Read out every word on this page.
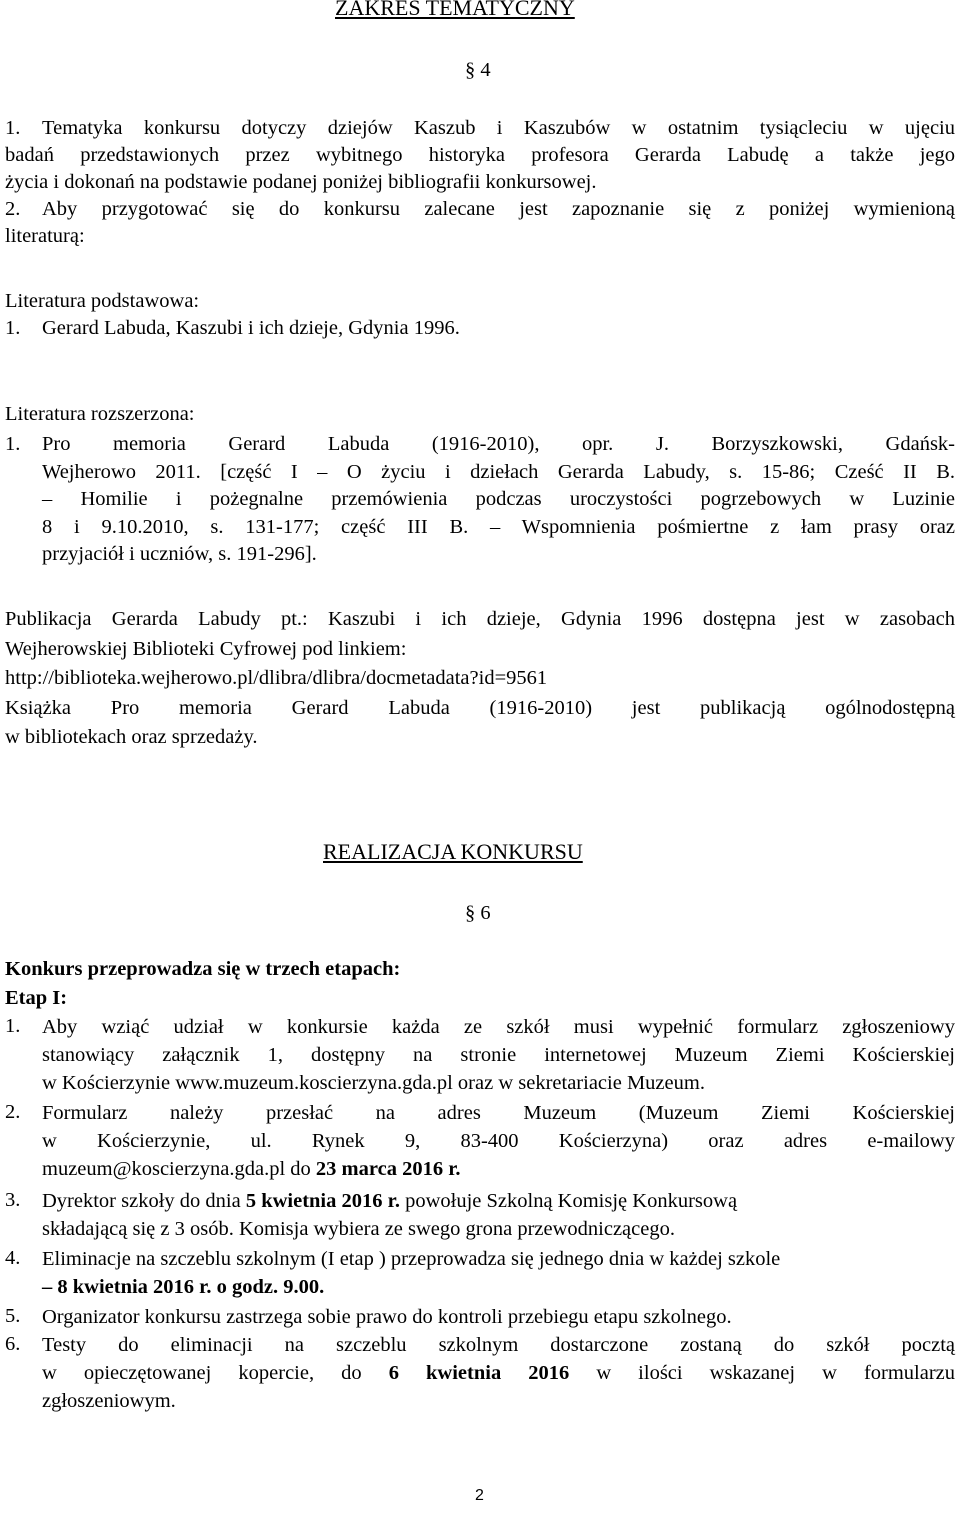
ZAKRES TEMATYCZNY
§ 4
1. Tematyka konkursu dotyczy dziejów Kaszub i Kaszubów w ostatnim tysiącleciu w ujęciu
badań przedstawionych przez wybitnego historyka profesora Gerarda Labudę a także jego
życia i dokonań na podstawie podanej poniżej bibliografii konkursowej.
2. Aby przygotować się do konkursu zalecane jest zapoznanie się z poniżej wymienioną
literaturą:
Literatura podstawowa:
1. Gerard Labuda, Kaszubi i ich dzieje, Gdynia 1996.
Literatura rozszerzona:
1. Pro memoria Gerard Labuda (1916-2010), opr. J. Borzyszkowski, Gdańsk-
Wejherowo 2011. [część I – O życiu i dziełach Gerarda Labudy, s. 15-86; Cześć II B.
– Homilie i pożegnalne przemówienia podczas uroczystości pogrzebowych w Luzinie
8 i 9.10.2010, s. 131-177; część III B. – Wspomnienia pośmiertne z łam prasy oraz
przyjaciół i uczniów, s. 191-296].
Publikacja Gerarda Labudy pt.: Kaszubi i ich dzieje, Gdynia 1996 dostępna jest w zasobach
Wejherowskiej Biblioteki Cyfrowej pod linkiem:
http://biblioteka.wejherowo.pl/dlibra/dlibra/docmetadata?id=9561
Książka Pro memoria Gerard Labuda (1916-2010) jest publikacją ogólnodostępną
w bibliotekach oraz sprzedaży.
REALIZACJA KONKURSU
§ 6
Konkurs przeprowadza się w trzech etapach:
Etap I:
1. Aby wziąć udział w konkursie każda ze szkół musi wypełnić formularz zgłoszeniowy
stanowiący załącznik 1, dostępny na stronie internetowej Muzeum Ziemi Kościerskiej
w Kościerzynie www.muzeum.koscierzyna.gda.pl oraz w sekretariacie Muzeum.
2. Formularz należy przesłać na adres Muzeum (Muzeum Ziemi Kościerskiej
w Kościerzynie, ul. Rynek 9, 83-400 Kościerzyna) oraz adres e-mailowy
muzeum@koscierzyna.gda.pl do 23 marca 2016 r.
3. Dyrektor szkoły do dnia 5 kwietnia 2016 r. powołuje Szkolną Komisję Konkursową
składającą się z 3 osób. Komisja wybiera ze swego grona przewodniczącego.
4. Eliminacje na szczeblu szkolnym (I etap ) przeprowadza się jednego dnia w każdej szkole
– 8 kwietnia 2016 r. o godz. 9.00.
5. Organizator konkursu zastrzega sobie prawo do kontroli przebiegu etapu szkolnego.
6. Testy do eliminacji na szczeblu szkolnym dostarczone zostaną do szkół pocztą
w opieczętowanej kopercie, do 6 kwietnia 2016 w ilości wskazanej w formularzu
zgłoszeniowym.
2
